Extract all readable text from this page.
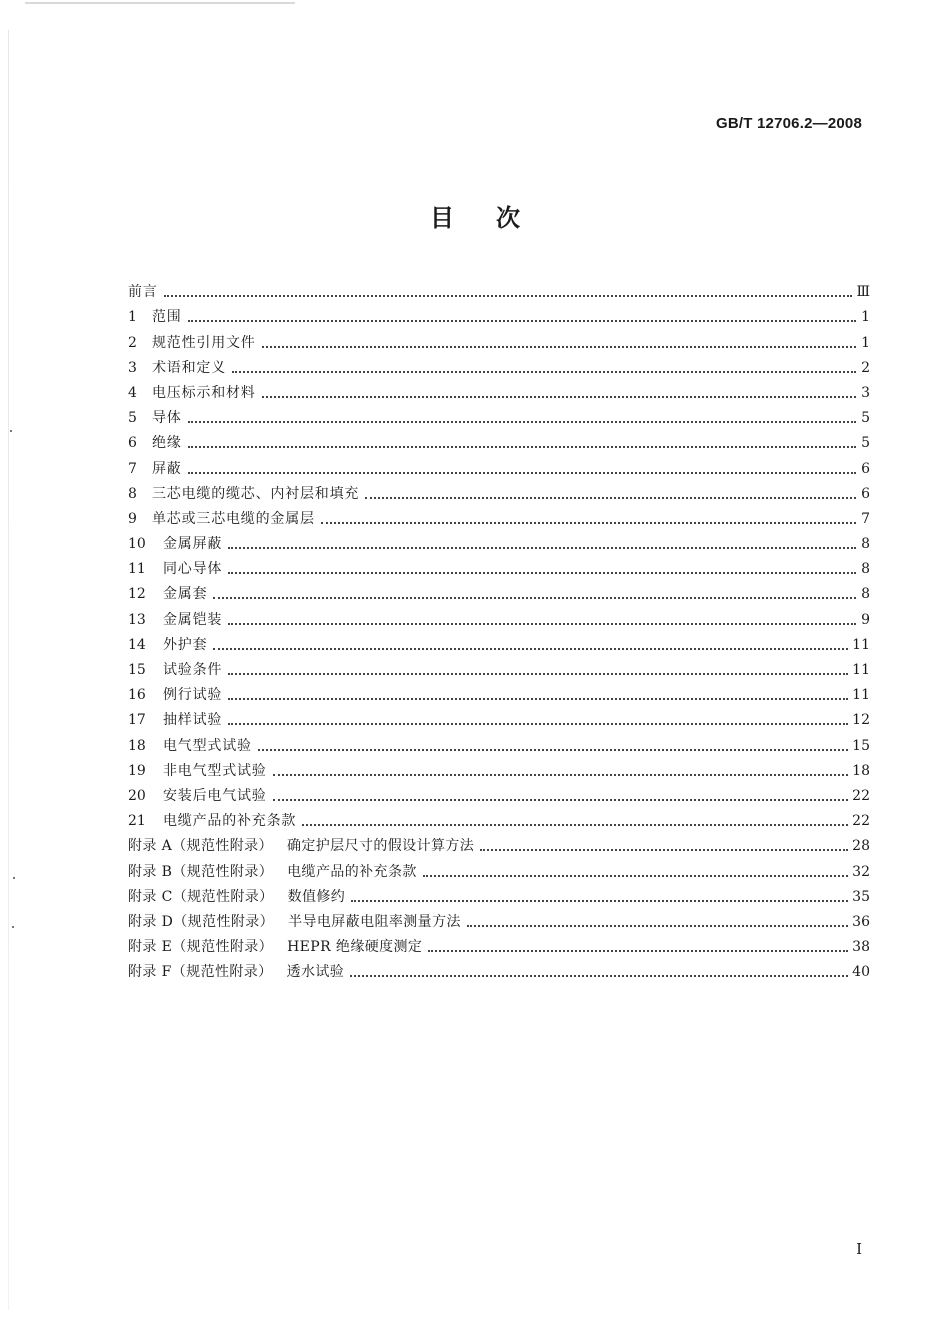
GB/T 12706.2—2008
目次
前言	Ⅲ
1	范围	1
2	规范性引用文件	1
3	术语和定义	2
4	电压标示和材料	3
5	导体	5
6	绝缘	5
7	屏蔽	6
8	三芯电缆的缆芯、内衬层和填充	6
9	单芯或三芯电缆的金属层	7
10	金属屏蔽	8
11	同心导体	8
12	金属套	8
13	金属铠装	9
14	外护套	11
15	试验条件	11
16	例行试验	11
17	抽样试验	12
18	电气型式试验	15
19	非电气型式试验	18
20	安装后电气试验	22
21	电缆产品的补充条款	22
附录 A（规范性附录） 确定护层尺寸的假设计算方法	28
附录 B（规范性附录） 电缆产品的补充条款	32
附录 C（规范性附录） 数值修约	35
附录 D（规范性附录） 半导电屏蔽电阻率测量方法	36
附录 E（规范性附录） HEPR 绝缘硬度测定	38
附录 F（规范性附录） 透水试验	40
I
